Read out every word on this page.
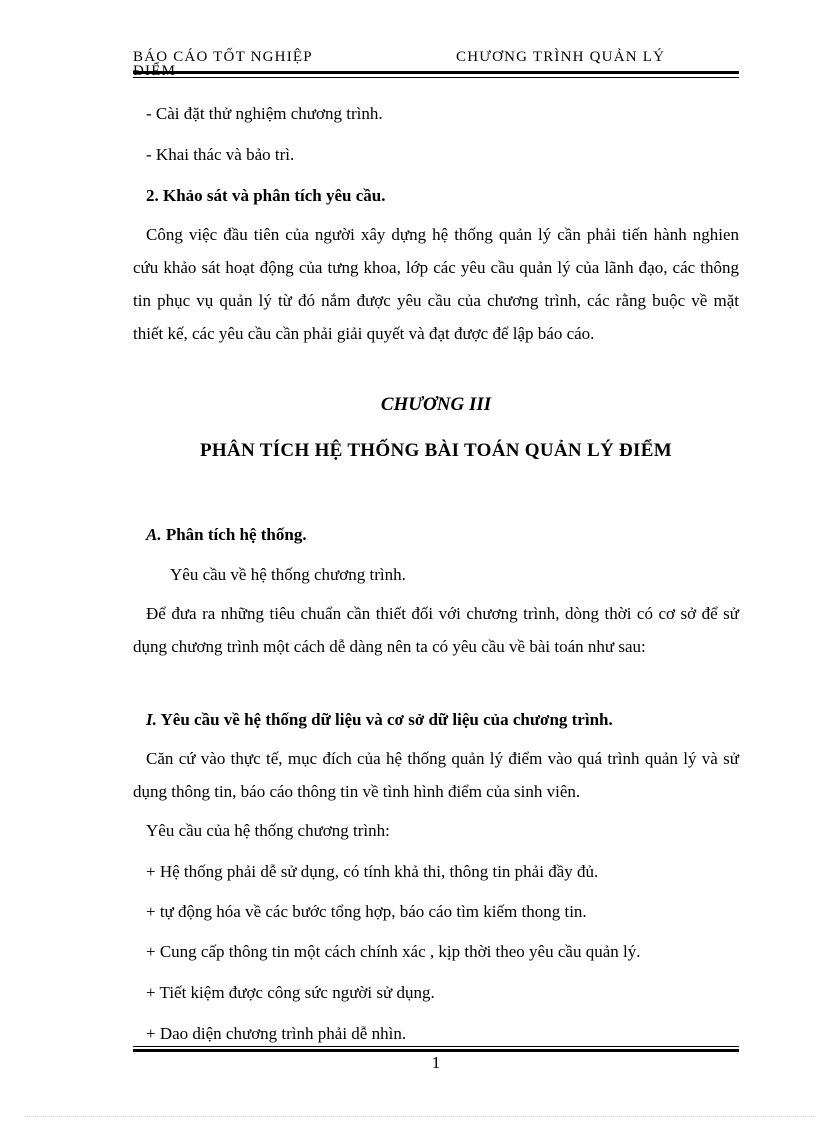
BÁO CÁO TỐT NGHIỆP ĐIỂM
CHƯƠNG TRÌNH QUẢN LÝ
- Cài đặt thử nghiệm chương trình.
- Khai thác và bảo trì.
2. Khảo sát và phân tích yêu cầu.
Công việc đầu tiên của người xây dựng hệ thống quản lý cần phải tiến hành nghien cứu khảo sát hoạt động của tưng khoa, lớp các yêu cầu quản lý của lãnh đạo, các thông tin phục vụ quản lý từ đó nắm được yêu cầu của chương trình, các rằng buộc về mặt thiết kế, các yêu cầu cần phải giải quyết và đạt được để lập báo cáo.
CHƯƠNG III
PHÂN TÍCH HỆ THỐNG BÀI TOÁN QUẢN LÝ ĐIỂM
A. Phân tích hệ thống.
Yêu cầu về hệ thống chương trình.
Để đưa ra những tiêu chuẩn cần thiết đối với chương trình, dòng thời có cơ sở để sử dụng chương trình một cách dễ dàng nên ta có yêu cầu về bài toán như sau:
I. Yêu cầu về hệ thống dữ liệu và cơ sở dữ liệu của chương trình.
Căn cứ vào thực tế, mục đích của hệ thống quản lý điểm vào quá trình quản lý và sử dụng thông tin, báo cáo thông tin về tình hình điểm của sinh viên.
Yêu cầu của hệ thống chương trình:
+ Hệ thống phải dễ sử dụng, có tính khả thi, thông tin phải đầy đủ.
+ tự động hóa về các bước tổng hợp, báo cáo tìm kiếm thong tin.
+ Cung cấp thông tin một cách chính xác , kịp thời theo yêu cầu quản lý.
+ Tiết kiệm được công sức người sử dụng.
+ Dao diện chương trình phải dễ nhìn.
1
